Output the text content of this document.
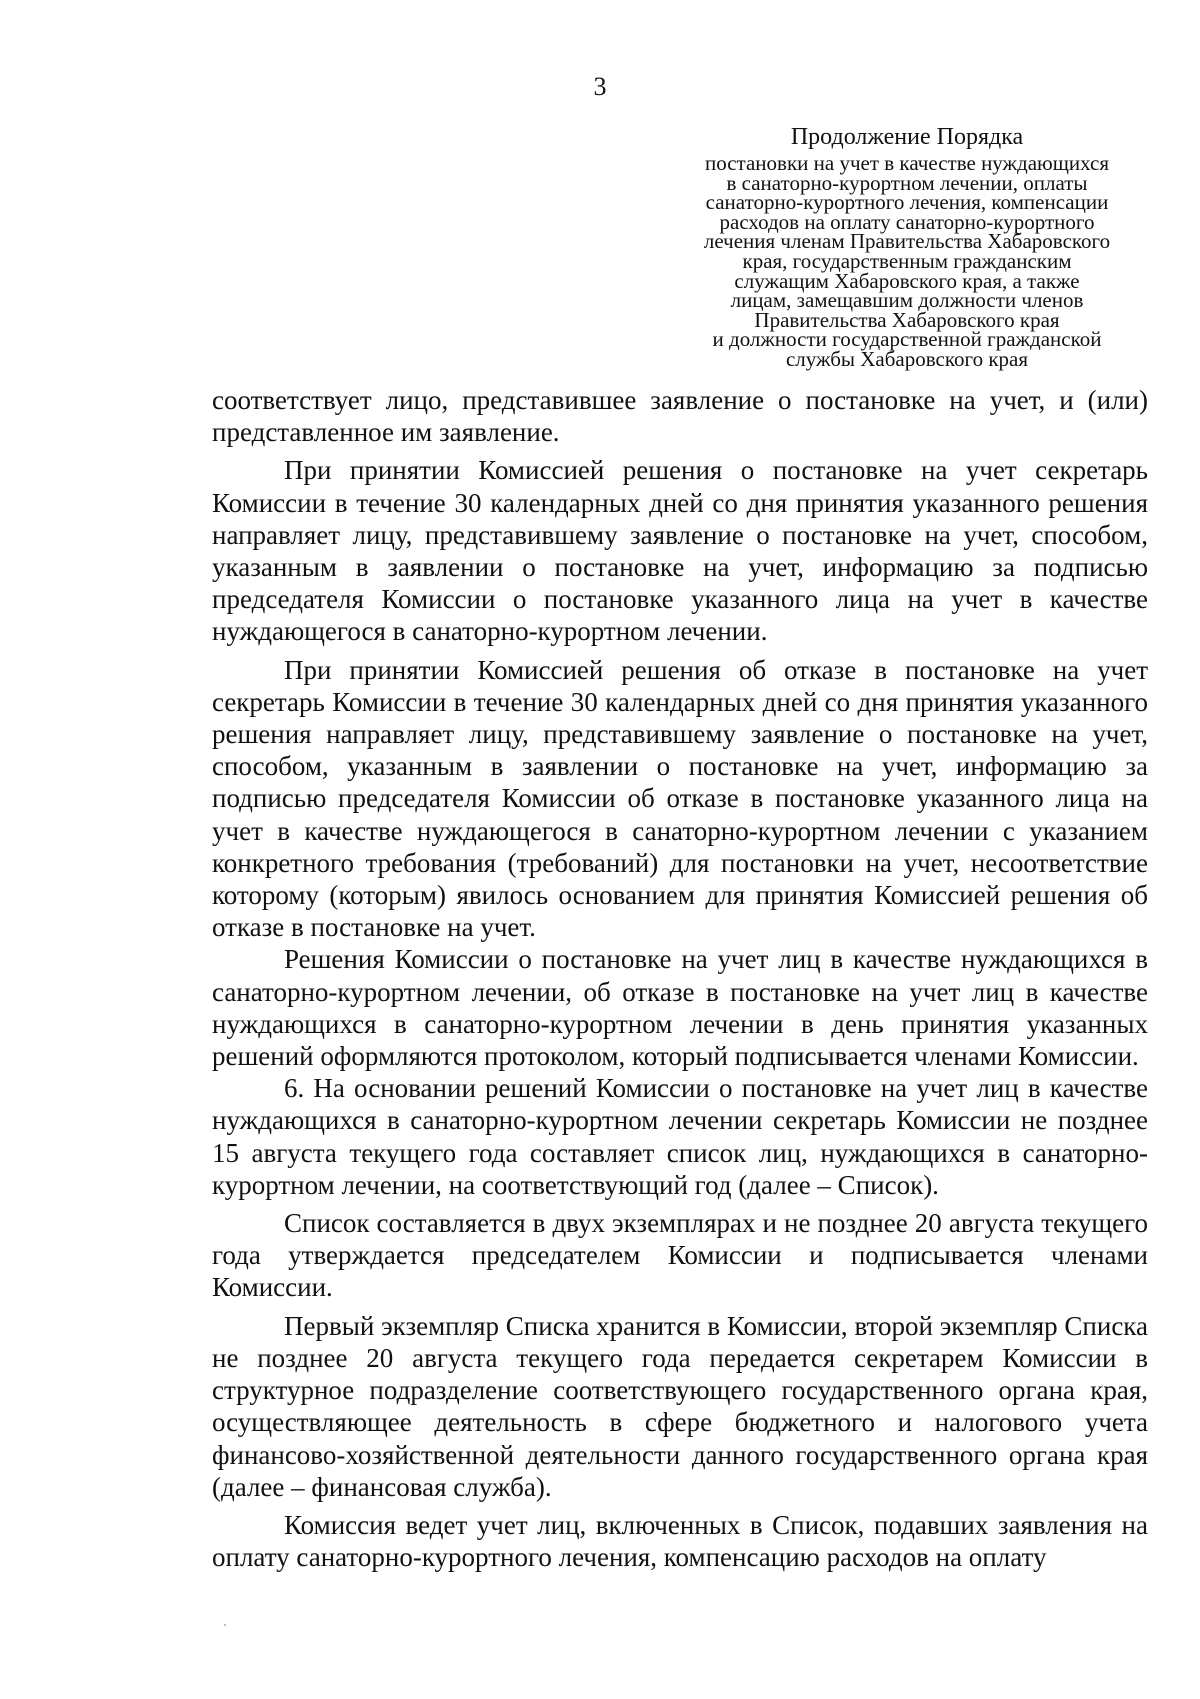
3
Продолжение Порядка
постановки на учет в качестве нуждающихся
в санаторно-курортном лечении, оплаты
санаторно-курортного лечения, компенсации
расходов на оплату санаторно-курортного
лечения членам Правительства Хабаровского
края, государственным гражданским
служащим Хабаровского края, а также
лицам, замещавшим должности членов
Правительства Хабаровского края
и должности государственной гражданской
службы Хабаровского края

соответствует лицо, представившее заявление о постановке на учет, и (или) представленное им заявление.

При принятии Комиссией решения о постановке на учет секретарь Комиссии в течение 30 календарных дней со дня принятия указанного решения направляет лицу, представившему заявление о постановке на учет, способом, указанным в заявлении о постановке на учет, информацию за подписью председателя Комиссии о постановке указанного лица на учет в качестве нуждающегося в санаторно-курортном лечении.

При принятии Комиссией решения об отказе в постановке на учет секретарь Комиссии в течение 30 календарных дней со дня принятия указанного решения направляет лицу, представившему заявление о постановке на учет, способом, указанным в заявлении о постановке на учет, информацию за подписью председателя Комиссии об отказе в постановке указанного лица на учет в качестве нуждающегося в санаторно-курортном лечении с указанием конкретного требования (требований) для постановки на учет, несоответствие которому (которым) явилось основанием для принятия Комиссией решения об отказе в постановке на учет.

Решения Комиссии о постановке на учет лиц в качестве нуждающихся в санаторно-курортном лечении, об отказе в постановке на учет лиц в качестве нуждающихся в санаторно-курортном лечении в день принятия указанных решений оформляются протоколом, который подписывается членами Комиссии.

6. На основании решений Комиссии о постановке на учет лиц в качестве нуждающихся в санаторно-курортном лечении секретарь Комиссии не позднее 15 августа текущего года составляет список лиц, нуждающихся в санаторно-курортном лечении, на соответствующий год (далее – Список).

Список составляется в двух экземплярах и не позднее 20 августа текущего года утверждается председателем Комиссии и подписывается членами Комиссии.

Первый экземпляр Списка хранится в Комиссии, второй экземпляр Списка не позднее 20 августа текущего года передается секретарем Комиссии в структурное подразделение соответствующего государственного органа края, осуществляющее деятельность в сфере бюджетного и налогового учета финансово-хозяйственной деятельности данного государственного органа края (далее – финансовая служба).

Комиссия ведет учет лиц, включенных в Список, подавших заявления на оплату санаторно-курортного лечения, компенсацию расходов на оплату
